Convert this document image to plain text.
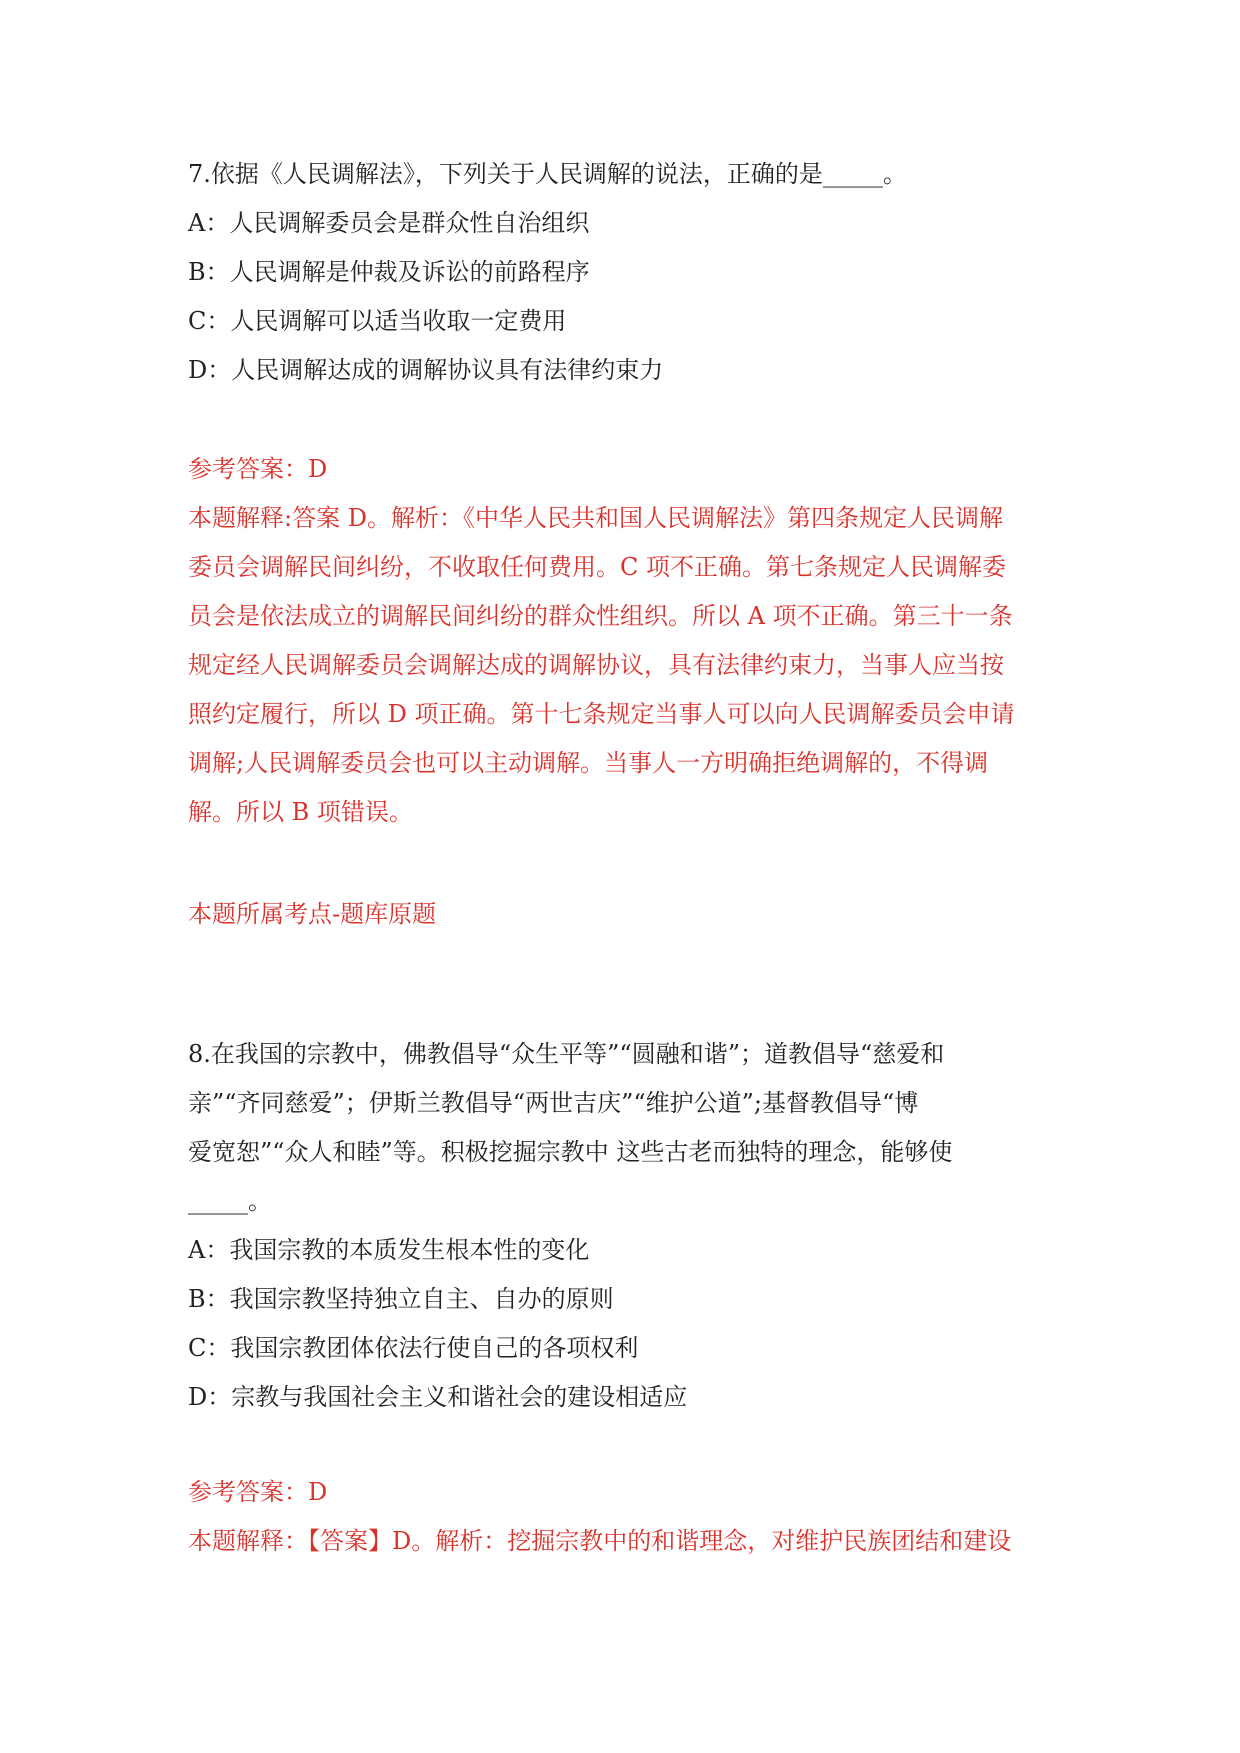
7.依据《人民调解法》，下列关于人民调解的说法，正确的是_____。

A：人民调解委员会是群众性自治组织

B：人民调解是仲裁及诉讼的前路程序

C：人民调解可以适当收取一定费用

D：人民调解达成的调解协议具有法律约束力

参考答案：D

本题解释:答案 D。解析：《中华人民共和国人民调解法》第四条规定人民调解

委员会调解民间纠纷，不收取任何费用。C 项不正确。第七条规定人民调解委

员会是依法成立的调解民间纠纷的群众性组织。所以 A 项不正确。第三十一条

规定经人民调解委员会调解达成的调解协议，具有法律约束力，当事人应当按

照约定履行，所以 D 项正确。第十七条规定当事人可以向人民调解委员会申请

调解;人民调解委员会也可以主动调解。当事人一方明确拒绝调解的，不得调

解。所以 B 项错误。

本题所属考点-题库原题

8.在我国的宗教中，佛教倡导“众生平等”“圆融和谐”；道教倡导“慈爱和

亲”“齐同慈爱”；伊斯兰教倡导“两世吉庆”“维护公道”;基督教倡导“博

爱宽恕”“众人和睦”等。积极挖掘宗教中 这些古老而独特的理念，能够使

_____。

A：我国宗教的本质发生根本性的变化

B：我国宗教坚持独立自主、自办的原则

C：我国宗教团体依法行使自己的各项权利

D：宗教与我国社会主义和谐社会的建设相适应

参考答案：D

本题解释：【答案】D。解析：挖掘宗教中的和谐理念，对维护民族团结和建设
